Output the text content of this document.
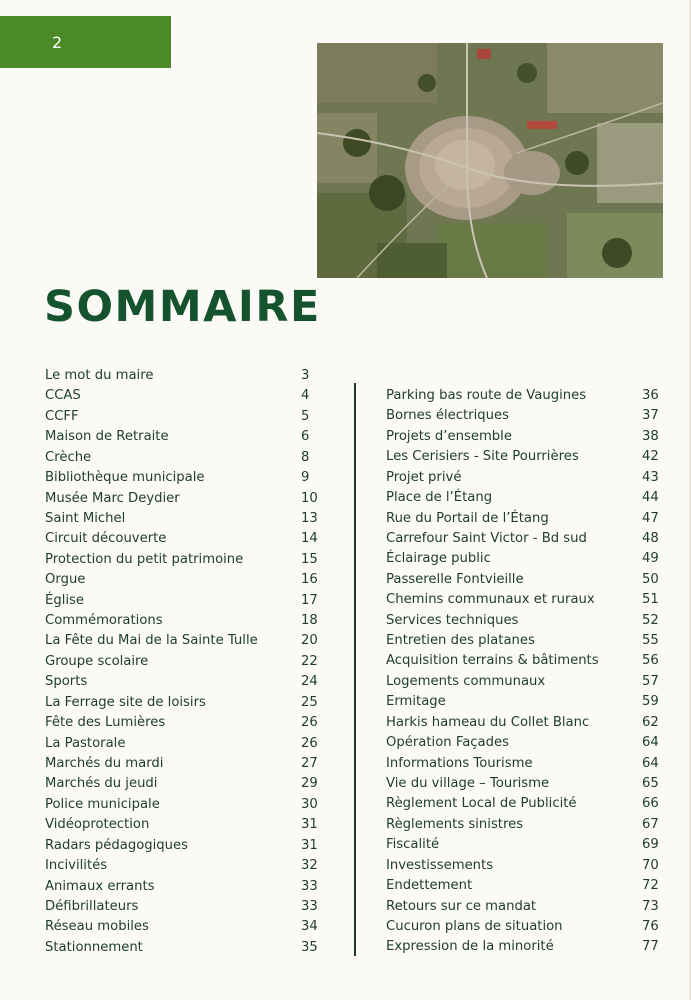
2
SOMMAIRE
Le mot du maire	3
CCAS	4
CCFF	5
Maison de Retraite	6
Crèche	8
Bibliothèque municipale	9
Musée Marc Deydier	10
Saint Michel	13
Circuit découverte	14
Protection du petit patrimoine	15
Orgue	16
Église	17
Commémorations	18
La Fête du Mai de la Sainte Tulle	20
Groupe scolaire	22
Sports	24
La Ferrage site de loisirs	25
Fête des Lumières	26
La Pastorale	26
Marchés du mardi	27
Marchés du jeudi	29
Police municipale	30
Vidéoprotection	31
Radars pédagogiques	31
Incivilités	32
Animaux errants	33
Défibrillateurs	33
Réseau mobiles	34
Stationnement	35
Parking bas route de Vaugines	36
Bornes électriques	37
Projets d’ensemble	38
Les Cerisiers - Site Pourrières	42
Projet privé	43
Place de l’Étang	44
Rue du Portail de l’Étang	47
Carrefour Saint Victor - Bd sud	48
Éclairage public	49
Passerelle Fontvieille	50
Chemins communaux et ruraux	51
Services techniques	52
Entretien des platanes	55
Acquisition terrains & bâtiments	56
Logements communaux	57
Ermitage	59
Harkis hameau du Collet Blanc	62
Opération Façades	64
Informations Tourisme	64
Vie du village – Tourisme	65
Règlement Local de Publicité	66
Règlements sinistres	67
Fiscalité	69
Investissements	70
Endettement	72
Retours sur ce mandat	73
Cucuron plans de situation	76
Expression de la minorité	77
